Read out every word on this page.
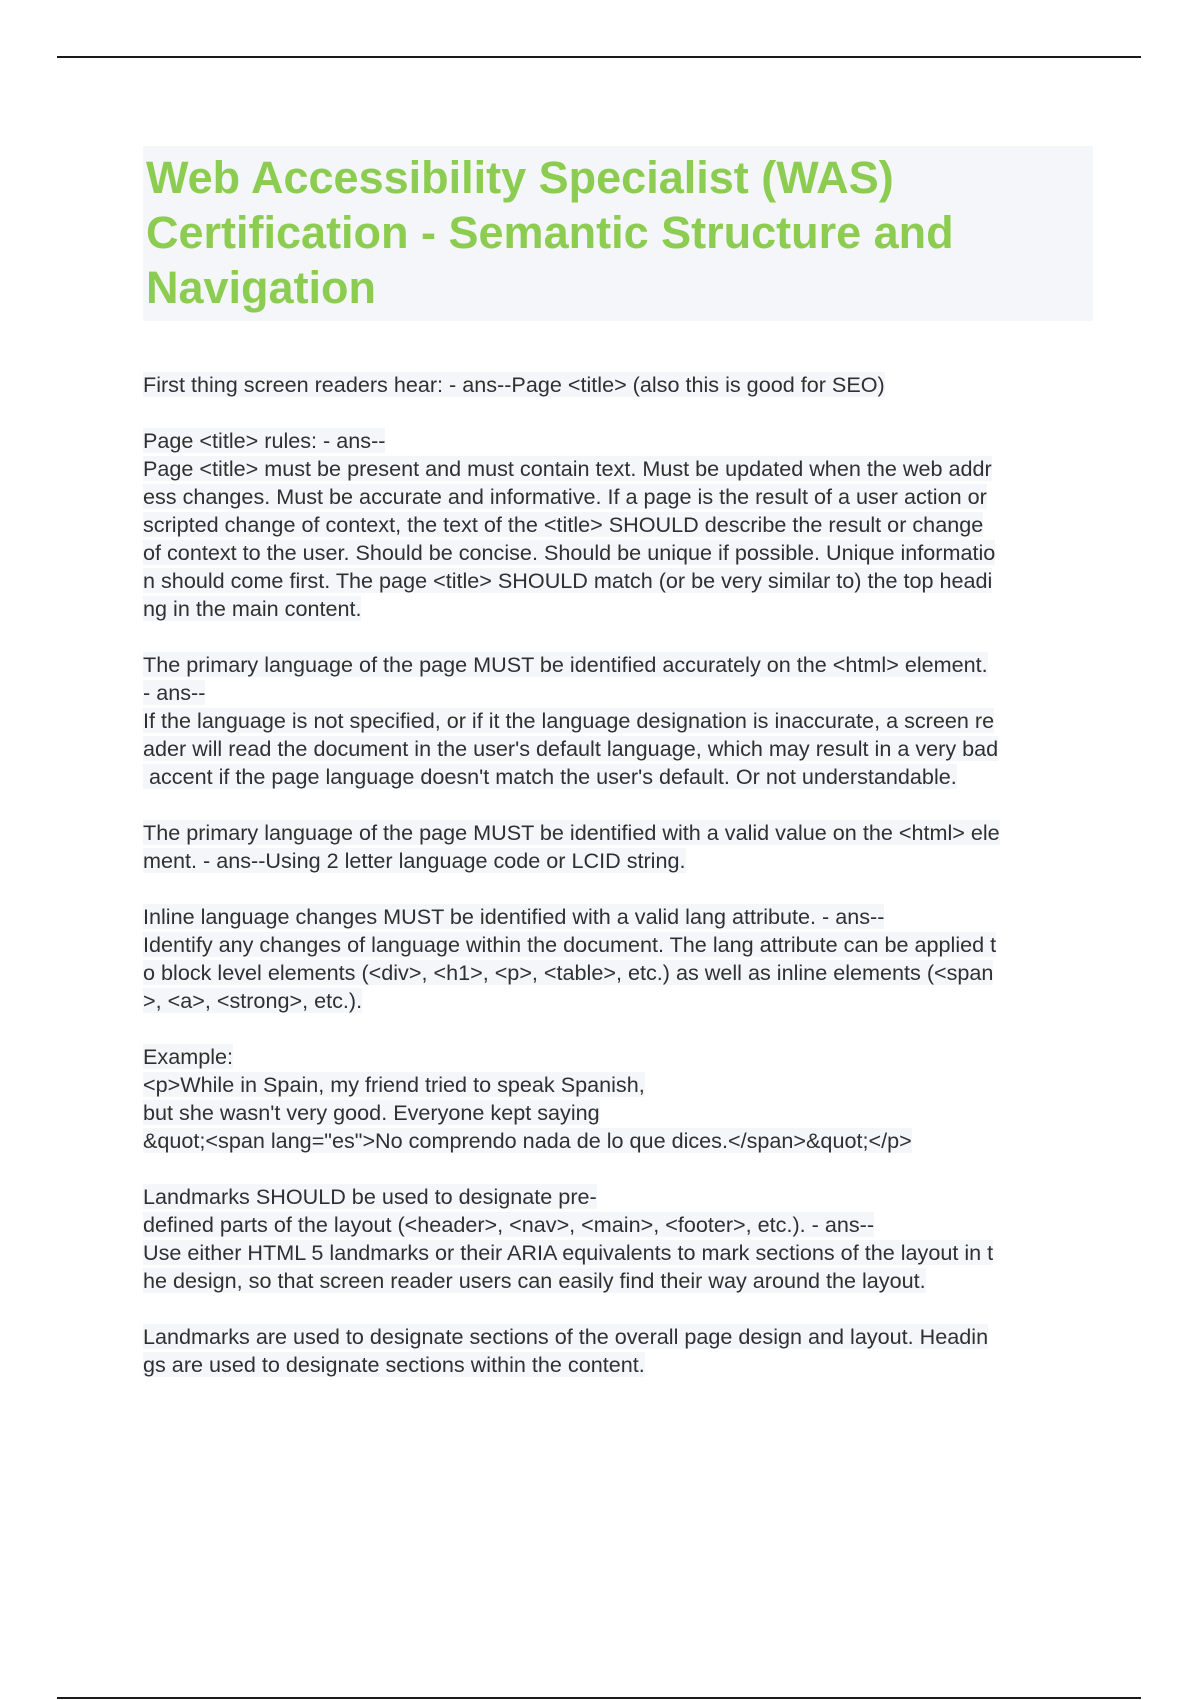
Web Accessibility Specialist (WAS)
Certification - Semantic Structure and
Navigation
First thing screen readers hear: - ans--Page <title> (also this is good for SEO)
Page <title> rules: - ans--
Page <title> must be present and must contain text. Must be updated when the web addr
ess changes. Must be accurate and informative. If a page is the result of a user action or
scripted change of context, the text of the <title> SHOULD describe the result or change
of context to the user. Should be concise. Should be unique if possible. Unique informatio
n should come first. The page <title> SHOULD match (or be very similar to) the top headi
ng in the main content.
The primary language of the page MUST be identified accurately on the <html> element.
- ans--
If the language is not specified, or if it the language designation is inaccurate, a screen re
ader will read the document in the user's default language, which may result in a very bad
accent if the page language doesn't match the user's default. Or not understandable.
The primary language of the page MUST be identified with a valid value on the <html> ele
ment. - ans--Using 2 letter language code or LCID string.
Inline language changes MUST be identified with a valid lang attribute. - ans--
Identify any changes of language within the document. The lang attribute can be applied t
o block level elements (<div>, <h1>, <p>, <table>, etc.) as well as inline elements (<span
>, <a>, <strong>, etc.).
Example:
<p>While in Spain, my friend tried to speak Spanish,
but she wasn't very good. Everyone kept saying
&quot;<span lang="es">No comprendo nada de lo que dices.</span>&quot;</p>
Landmarks SHOULD be used to designate pre-
defined parts of the layout (<header>, <nav>, <main>, <footer>, etc.). - ans--
Use either HTML 5 landmarks or their ARIA equivalents to mark sections of the layout in t
he design, so that screen reader users can easily find their way around the layout.
Landmarks are used to designate sections of the overall page design and layout. Headin
gs are used to designate sections within the content.
